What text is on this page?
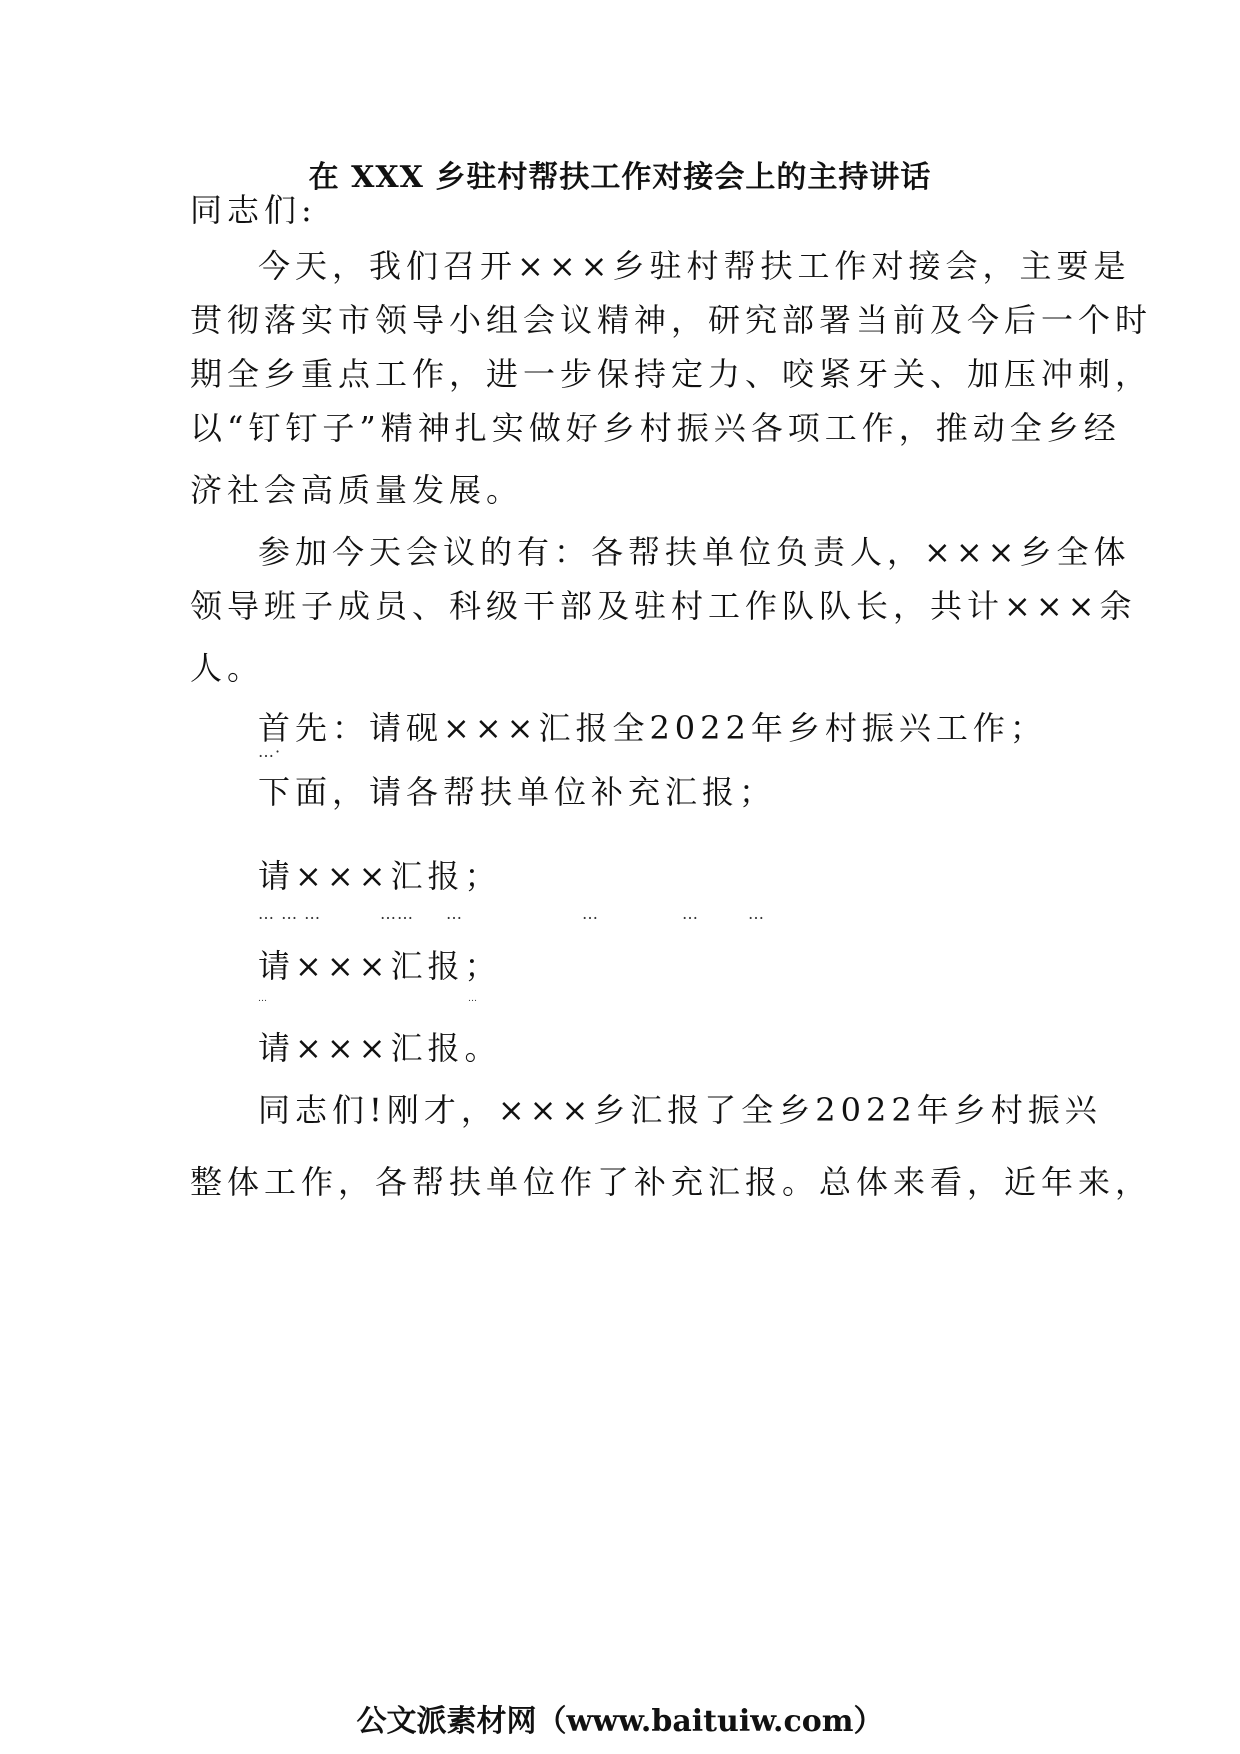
在 XXX 乡驻村帮扶工作对接会上的主持讲话
同志们:
今天，我们召开×××乡驻村帮扶工作对接会，主要是
贯彻落实市领导小组会议精神，研究部署当前及今后一个时
期全乡重点工作，进一步保持定力、咬紧牙关、加压冲刺，
以“钉钉子”精神扎实做好乡村振兴各项工作，推动全乡经
济社会高质量发展。
参加今天会议的有：各帮扶单位负责人，×××乡全体
领导班子成员、科级干部及驻村工作队队长，共计×××余
人。
首先：请砚×××汇报全2022年乡村振兴工作；
…·
下面，请各帮扶单位补充汇报；
请×××汇报；
… … …	…… …	…	…	…
请×××汇报；
…	…
请×××汇报。
同志们!刚才，×××乡汇报了全乡2022年乡村振兴
整体工作，各帮扶单位作了补充汇报。总体来看，近年来，
公文派素材网（www.baituiw.com）
